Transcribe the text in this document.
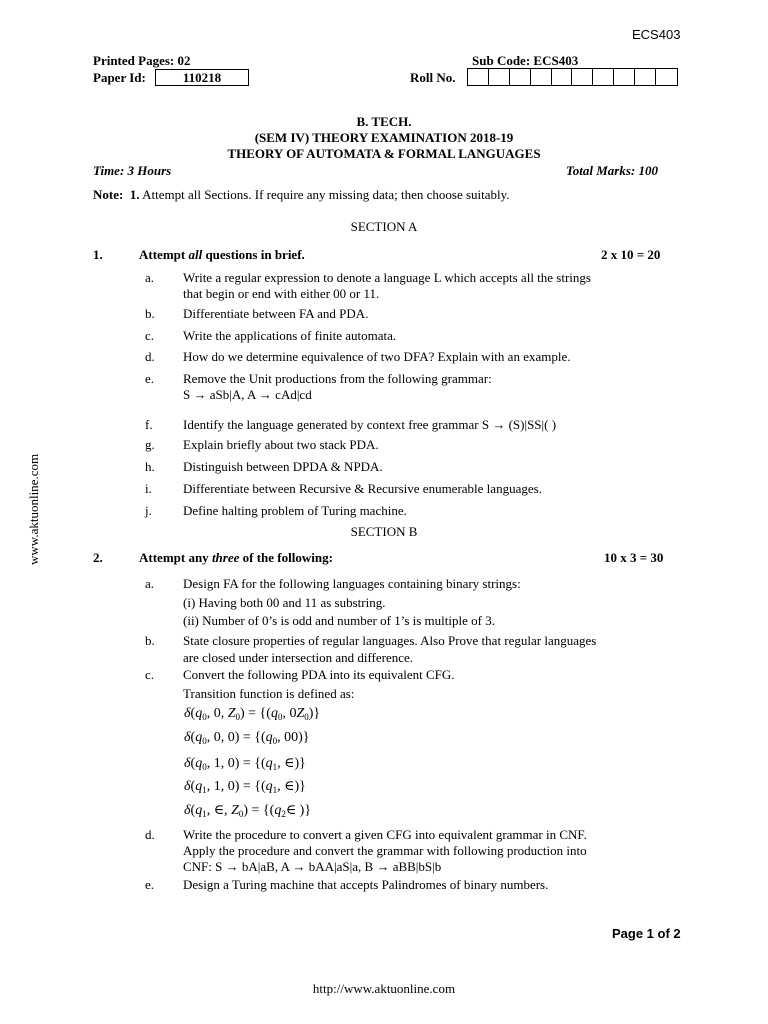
ECS403
Printed Pages: 02	Sub Code: ECS403
Paper Id:	110218	Roll No.
B. TECH.
(SEM IV) THEORY EXAMINATION 2018-19
THEORY OF AUTOMATA & FORMAL LANGUAGES
Time: 3 Hours	Total Marks: 100
Note: 1. Attempt all Sections. If require any missing data; then choose suitably.
SECTION A
1.	Attempt all questions in brief.	2 x 10 = 20
a. Write a regular expression to denote a language L which accepts all the strings
that begin or end with either 00 or 11.
b. Differentiate between FA and PDA.
c. Write the applications of finite automata.
d. How do we determine equivalence of two DFA? Explain with an example.
e. Remove the Unit productions from the following grammar:
S → aSb|A, A → cAd|cd
f. Identify the language generated by context free grammar S → (S)|SS|( )
g. Explain briefly about two stack PDA.
h. Distinguish between DPDA & NPDA.
i. Differentiate between Recursive & Recursive enumerable languages.
j. Define halting problem of Turing machine.
SECTION B
2.	Attempt any three of the following:	10 x 3 = 30
a. Design FA for the following languages containing binary strings:
(i) Having both 00 and 11 as substring.
(ii) Number of 0’s is odd and number of 1’s is multiple of 3.
b. State closure properties of regular languages. Also Prove that regular languages
are closed under intersection and difference.
c. Convert the following PDA into its equivalent CFG.
Transition function is defined as:
$\delta(q_0$, 0, $Z_0) = \{(q_0$, $0Z_0$)}
$\delta(q_0$, 0, $0) = \{(q_0$, 00)}
$\delta(q_0$, 1, $0) = \{(q_1$, ∈)}
$\delta(q_1$, 1, $0) = \{(q_1$, ∈)}
$\delta(q_1$, ∈, $Z_0$) = {($q_2\in$ )}
d. Write the procedure to convert a given CFG into equivalent grammar in CNF.
Apply the procedure and convert the grammar with following production into
CNF: S → bA|aB, A → bAA|aS|a, B → aBB|bS|b
e. Design a Turing machine that accepts Palindromes of binary numbers.
www.aktuonline.com
Page 1 of 2
http://www.aktuonline.com
